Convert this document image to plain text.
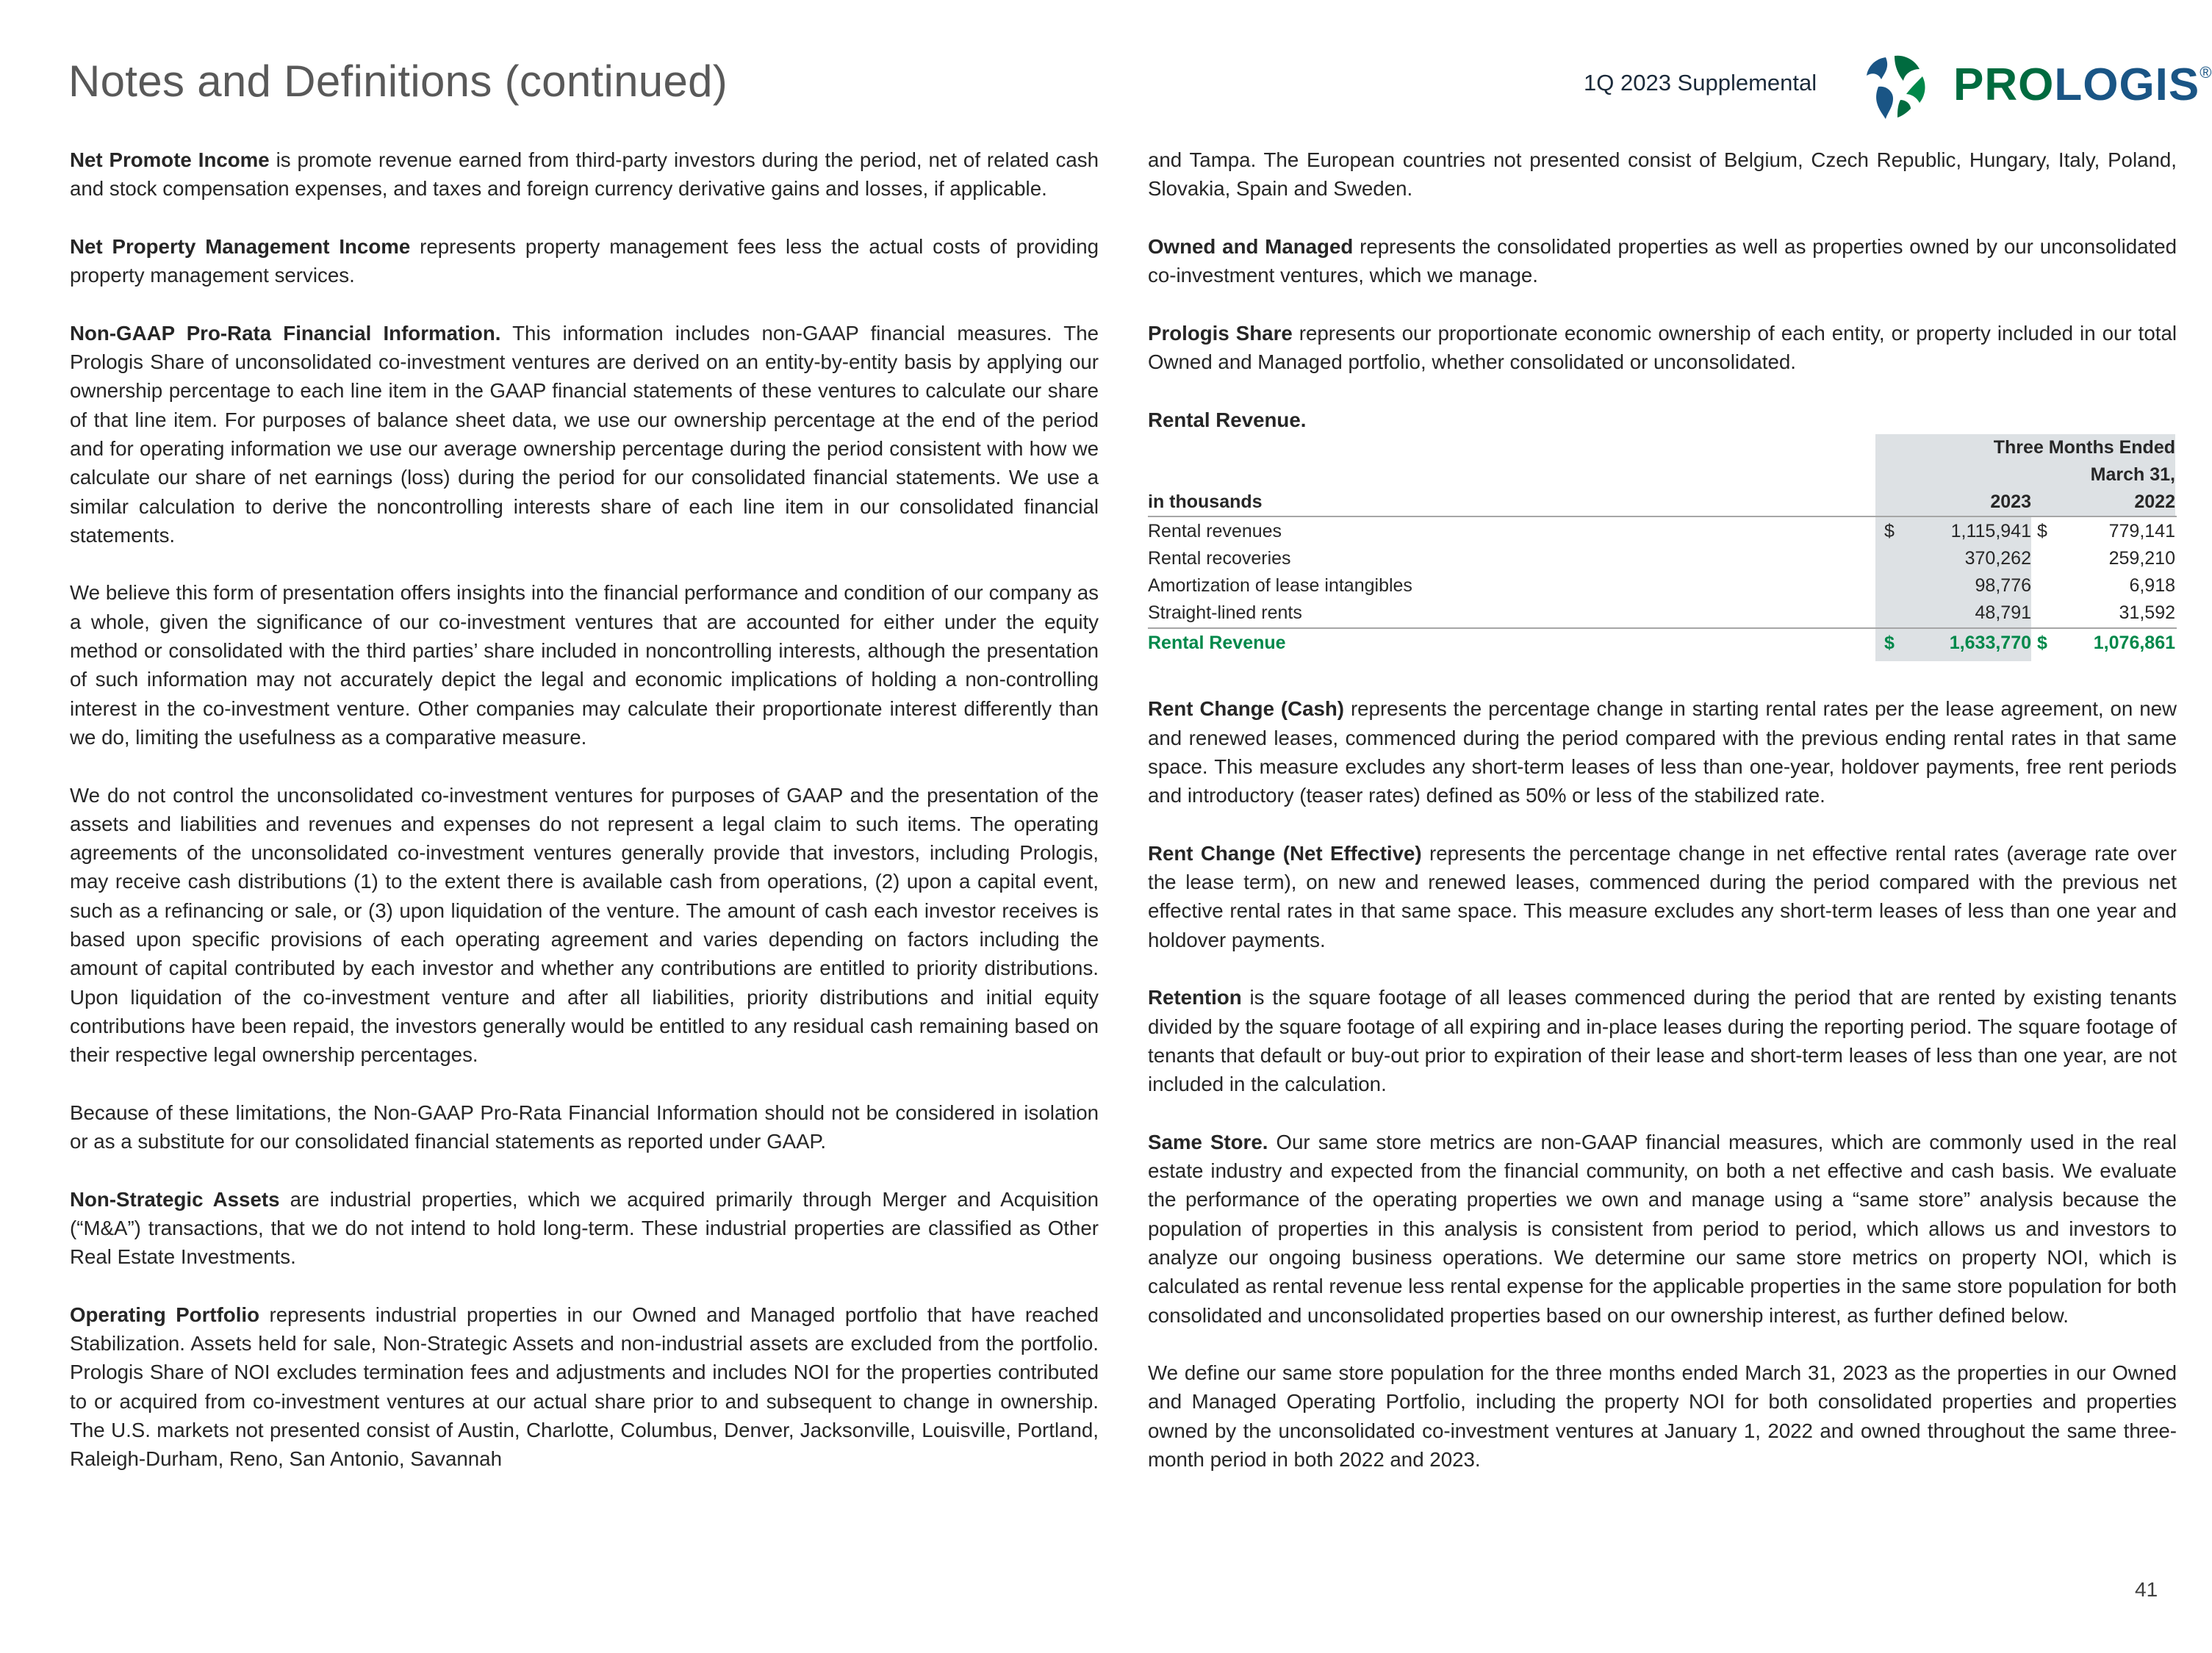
Notes and Definitions (continued)	1Q 2023 Supplemental	PROLOGIS®

Net Promote Income is promote revenue earned from third-party investors during the period, net of related cash and stock compensation expenses, and taxes and foreign currency derivative gains and losses, if applicable.

Net Property Management Income represents property management fees less the actual costs of providing property management services.

Non-GAAP Pro-Rata Financial Information. This information includes non-GAAP financial measures. The Prologis Share of unconsolidated co-investment ventures are derived on an entity-by-entity basis by applying our ownership percentage to each line item in the GAAP financial statements of these ventures to calculate our share of that line item. For purposes of balance sheet data, we use our ownership percentage at the end of the period and for operating information we use our average ownership percentage during the period consistent with how we calculate our share of net earnings (loss) during the period for our consolidated financial statements. We use a similar calculation to derive the noncontrolling interests share of each line item in our consolidated financial statements.

We believe this form of presentation offers insights into the financial performance and condition of our company as a whole, given the significance of our co-investment ventures that are accounted for either under the equity method or consolidated with the third parties’ share included in noncontrolling interests, although the presentation of such information may not accurately depict the legal and economic implications of holding a non-controlling interest in the co-investment venture. Other companies may calculate their proportionate interest differently than we do, limiting the usefulness as a comparative measure.

We do not control the unconsolidated co-investment ventures for purposes of GAAP and the presentation of the assets and liabilities and revenues and expenses do not represent a legal claim to such items. The operating agreements of the unconsolidated co-investment ventures generally provide that investors, including Prologis, may receive cash distributions (1) to the extent there is available cash from operations, (2) upon a capital event, such as a refinancing or sale, or (3) upon liquidation of the venture. The amount of cash each investor receives is based upon specific provisions of each operating agreement and varies depending on factors including the amount of capital contributed by each investor and whether any contributions are entitled to priority distributions. Upon liquidation of the co-investment venture and after all liabilities, priority distributions and initial equity contributions have been repaid, the investors generally would be entitled to any residual cash remaining based on their respective legal ownership percentages.

Because of these limitations, the Non-GAAP Pro-Rata Financial Information should not be considered in isolation or as a substitute for our consolidated financial statements as reported under GAAP.

Non-Strategic Assets are industrial properties, which we acquired primarily through Merger and Acquisition (“M&A”) transactions, that we do not intend to hold long-term. These industrial properties are classified as Other Real Estate Investments.

Operating Portfolio represents industrial properties in our Owned and Managed portfolio that have reached Stabilization. Assets held for sale, Non-Strategic Assets and non-industrial assets are excluded from the portfolio. Prologis Share of NOI excludes termination fees and adjustments and includes NOI for the properties contributed to or acquired from co-investment ventures at our actual share prior to and subsequent to change in ownership. The U.S. markets not presented consist of Austin, Charlotte, Columbus, Denver, Jacksonville, Louisville, Portland, Raleigh-Durham, Reno, San Antonio, Savannah

and Tampa. The European countries not presented consist of Belgium, Czech Republic, Hungary, Italy, Poland, Slovakia, Spain and Sweden.

Owned and Managed represents the consolidated properties as well as properties owned by our unconsolidated co-investment ventures, which we manage.

Prologis Share represents our proportionate economic ownership of each entity, or property included in our total Owned and Managed portfolio, whether consolidated or unconsolidated.

Rental Revenue.
Three Months Ended
March 31,
in thousands	2023	2022
Rental revenues	$	1,115,941 $	779,141
Rental recoveries	370,262	259,210
Amortization of lease intangibles	98,776	6,918
Straight-lined rents	48,791	31,592
Rental Revenue	$	1,633,770 $	1,076,861

Rent Change (Cash) represents the percentage change in starting rental rates per the lease agreement, on new and renewed leases, commenced during the period compared with the previous ending rental rates in that same space. This measure excludes any short-term leases of less than one-year, holdover payments, free rent periods and introductory (teaser rates) defined as 50% or less of the stabilized rate.

Rent Change (Net Effective) represents the percentage change in net effective rental rates (average rate over the lease term), on new and renewed leases, commenced during the period compared with the previous net effective rental rates in that same space. This measure excludes any short-term leases of less than one year and holdover payments.

Retention is the square footage of all leases commenced during the period that are rented by existing tenants divided by the square footage of all expiring and in-place leases during the reporting period. The square footage of tenants that default or buy-out prior to expiration of their lease and short-term leases of less than one year, are not included in the calculation.

Same Store. Our same store metrics are non-GAAP financial measures, which are commonly used in the real estate industry and expected from the financial community, on both a net effective and cash basis. We evaluate the performance of the operating properties we own and manage using a “same store” analysis because the population of properties in this analysis is consistent from period to period, which allows us and investors to analyze our ongoing business operations. We determine our same store metrics on property NOI, which is calculated as rental revenue less rental expense for the applicable properties in the same store population for both consolidated and unconsolidated properties based on our ownership interest, as further defined below.

We define our same store population for the three months ended March 31, 2023 as the properties in our Owned and Managed Operating Portfolio, including the property NOI for both consolidated properties and properties owned by the unconsolidated co-investment ventures at January 1, 2022 and owned throughout the same three-month period in both 2022 and 2023.

41
